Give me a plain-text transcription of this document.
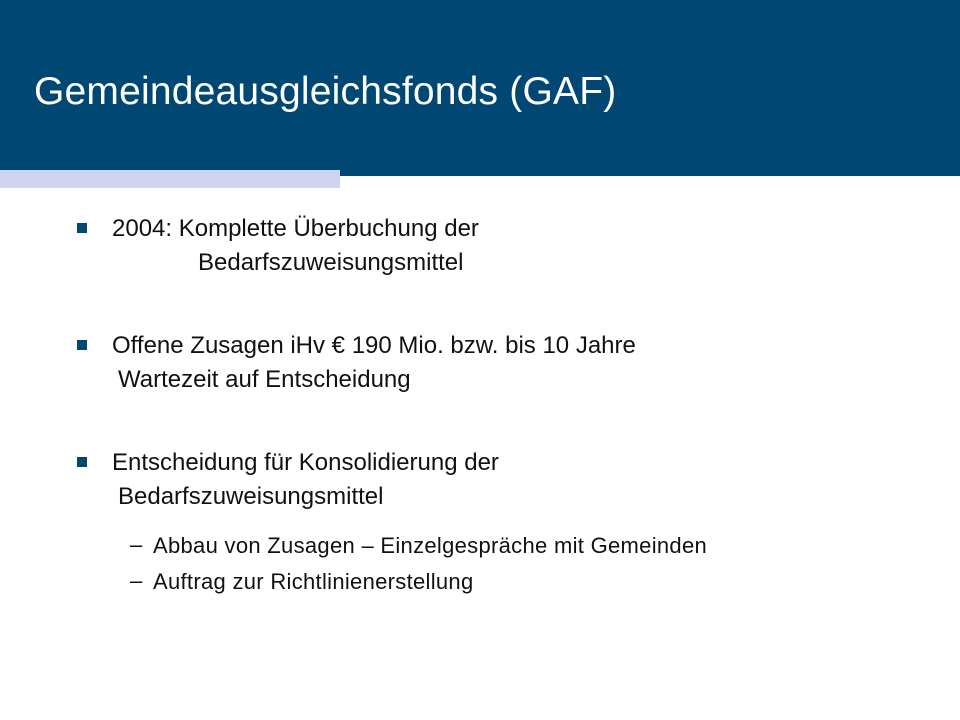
Gemeindeausgleichsfonds (GAF)
2004: Komplette Überbuchung der
Bedarfszuweisungsmittel
Offene Zusagen iHv € 190 Mio. bzw. bis 10 Jahre
Wartezeit auf Entscheidung
Entscheidung für Konsolidierung der
Bedarfszuweisungsmittel
– Abbau von Zusagen – Einzelgespräche mit Gemeinden
– Auftrag zur Richtlinienerstellung
